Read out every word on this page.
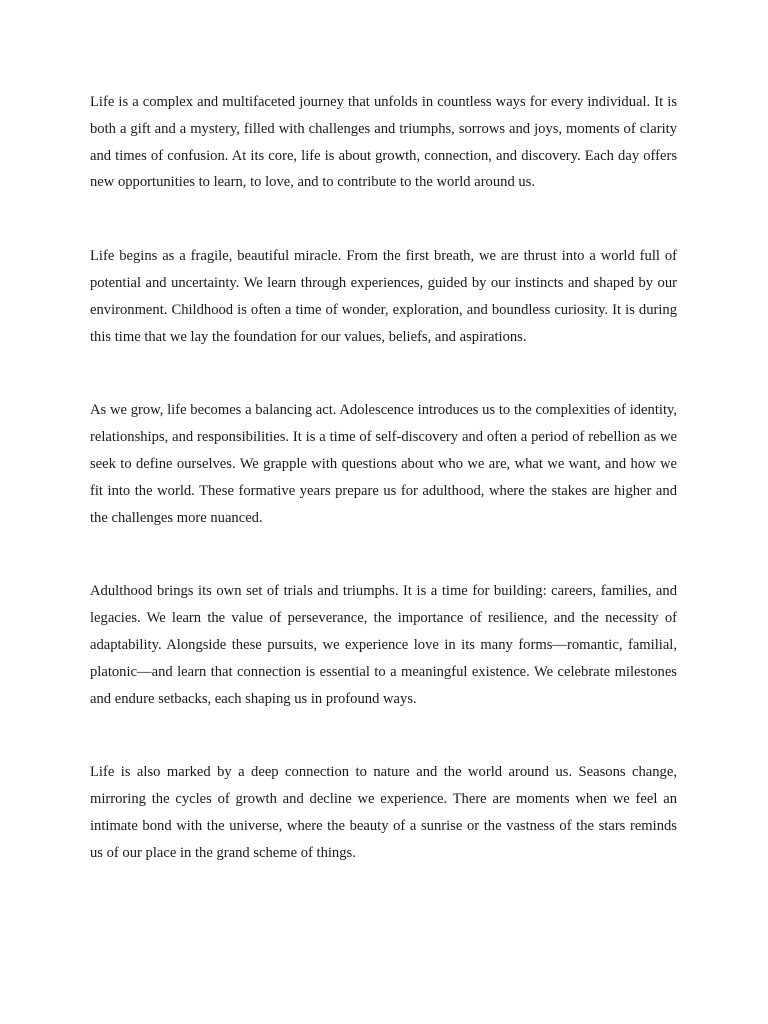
Life is a complex and multifaceted journey that unfolds in countless ways for every individual. It is both a gift and a mystery, filled with challenges and triumphs, sorrows and joys, moments of clarity and times of confusion. At its core, life is about growth, connection, and discovery. Each day offers new opportunities to learn, to love, and to contribute to the world around us.

Life begins as a fragile, beautiful miracle. From the first breath, we are thrust into a world full of potential and uncertainty. We learn through experiences, guided by our instincts and shaped by our environment. Childhood is often a time of wonder, exploration, and boundless curiosity. It is during this time that we lay the foundation for our values, beliefs, and aspirations.

As we grow, life becomes a balancing act. Adolescence introduces us to the complexities of identity, relationships, and responsibilities. It is a time of self-discovery and often a period of rebellion as we seek to define ourselves. We grapple with questions about who we are, what we want, and how we fit into the world. These formative years prepare us for adulthood, where the stakes are higher and the challenges more nuanced.

Adulthood brings its own set of trials and triumphs. It is a time for building: careers, families, and legacies. We learn the value of perseverance, the importance of resilience, and the necessity of adaptability. Alongside these pursuits, we experience love in its many forms—romantic, familial, platonic—and learn that connection is essential to a meaningful existence. We celebrate milestones and endure setbacks, each shaping us in profound ways.

Life is also marked by a deep connection to nature and the world around us. Seasons change, mirroring the cycles of growth and decline we experience. There are moments when we feel an intimate bond with the universe, where the beauty of a sunrise or the vastness of the stars reminds us of our place in the grand scheme of things.
